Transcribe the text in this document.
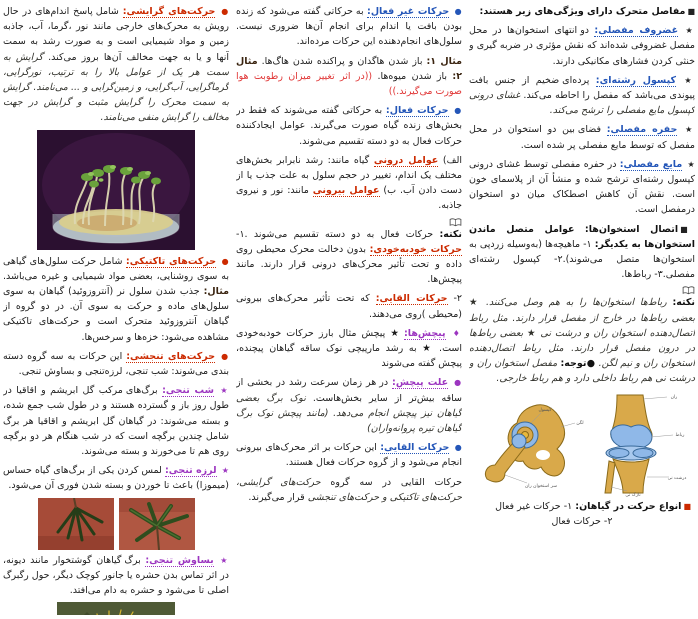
■مفاصل متحرک دارای ویژگی‌های زیر هستند:
★ غضروف مفصلی: دو انتهای استخوان‌ها در محل مفصل غضروفی شده‌اند که نقش مؤثری در ضربه گیری و خنثی کردن فشارهای مکانیکی دارند.
★ کپسول رشته‌ای: پرده‌ای ضخیم از جنس بافت پیوندی می‌باشد که مفصل را احاطه می‌کند. غشای درونی کپسول مایع مفصلی را ترشح می‌کند.
★ حفره مفصلی: فضای بین دو استخوان در محل مفصل که توسط مایع مفصلی پر شده است.
★ مایع مفصلی: در حفره مفصلی توسط غشای درونی کپسول رشته‌ای ترشح شده و منشأ آن از پلاسمای خون است. نقش آن کاهش اصطکاک میان دو استخوان درمفصل است.
■اتصال استخوان‌ها: عوامل متصل ماندن استخوان‌ها به یکدیگر: ۱- ماهیچه‌ها (به‌وسیله زردپی به استخوان‌ها متصل می‌شوند).۲- کپسول رشته‌ای مفصلی.۳- رباط‌ها.
نکته: رباط‌ها استخوان‌ها را به هم وصل می‌کنند. ★ بعضی رباط‌ها در خارج از مفصل قرار دارند. مثل رباط اتصال‌دهنده استخوان ران و درشت نی ★ بعضی رباط‌ها در درون مفصل قرار دارند. مثل رباط اتصال‌دهنده استخوان ران و نیم لگن. ●توجه: مفصل استخوان ران و درشت نی هم رباط داخلی دارد و هم رباط خارجی.
ران
رباط
درشت نی
نازک نی
لگن
کپسول
سر استخوان ران
■انواع حرکت در گیاهان: ۱- حرکات غیر فعال
۲- حرکات فعال
● حرکات غیر فعال: به حرکاتی گفته می‌شود که زنده بودن بافت یا اندام برای انجام آن‌ها ضروری نیست. سلول‌های انجام‌دهنده این حرکات مرده‌اند.
مثال ۱: باز شدن هاگدان و پراکنده شدن هاگ‌ها. مثال ۲: باز شدن میوه‌ها. ((در اثر تغییر میزان رطوبت هوا صورت می‌گیرند.))
● حرکات فعال: به حرکاتی گفته می‌شوند که فقط در بخش‌های زنده گیاه صورت می‌گیرند. عوامل ایجادکننده حرکات فعال به دو دسته تقسیم می‌شوند.
الف) عوامل درونی گیاه مانند: رشد نابرابر بخش‌های مختلف یک اندام، تغییر در حجم سلول به علت جذب یا از دست دادن آب. ب) عوامل بیرونی مانند: نور و نیروی جاذبه.
نکته: حرکات فعال به دو دسته تقسیم می‌شوند .۱- حرکات خودبه‌خودی: بدون دخالت محرک محیطی روی داده و تحت تأثیر محرک‌های درونی قرار دارند. مانند پیچش‌ها.
۲- حرکات القایی: که تحت تأثیر محرک‌های بیرونی (محیطی )روی می‌دهند.
♦ پیچش‌ها: ★ پیچش مثال بارز حرکات خودبه‌خودی است. ★ به رشد مارپیچی نوک ساقه گیاهان پیچنده، پیچش گفته می‌شوند
● علت پیچش: در هر زمان سرعت رشد در بخشی از ساقه بیش‌تر از سایر بخش‌هاست. نوک برگ بعضی گیاهان نیز پیچش انجام می‌دهد. (مانند پیچش نوک برگ گیاهان تیره پروانه‌واران)
● حرکات القایی: این حرکات بر اثر محرک‌های بیرونی انجام می‌شود و از گروه حرکات فعال هستند.
حرکات القایی در سه گروه حرکت‌های گرایشی، حرکت‌های تاکتیکی و حرکت‌های تنجشی قرار می‌گیرند.
● حرکت‌های گرایشی: شامل پاسخ اندام‌های در حال رویش به محرک‌های خارجی مانند نور ،گرما، آب، جاذبه زمین و مواد شیمیایی است و به صورت رشد به سمت آنها و یا به جهت مخالف آن‌ها بروز می‌کند. گرایش به سمت هر یک از عوامل بالا را به ترتیب، نورگرایی، گرماگرایی، آب‌گرایی، و زمین‌گرایی و ... می‌نامند. گرایش به سمت محرک را گرایش مثبت و گرایش در جهت مخالف را گرایش منفی می‌نامند.
● حرکت‌های تاکتیکی: شامل حرکت سلول‌های گیاهی به سوی روشنایی، بعضی مواد شیمیایی و غیره می‌باشد. مثال: جذب شدن سلول نر (آنتروزوئید) گیاهان به سوی سلول‌های ماده و حرکت به سوی آن. در دو گروه از گیاهان آنتروزوئید متحرک است و حرکت‌های تاکتیکی مشاهده می‌شود: خزه‌ها و سرخس‌ها.
● حرکت‌های تنجشی: این حرکات به سه گروه دسته بندی می‌شوند: شب تنجی، لرزه‌تنجی و بساوش تنجی.
★ شب تنجی: برگ‌های مرکب گل ابریشم و اقاقیا در طول روز باز و گسترده هستند و در طول شب جمع شده، و بسته می‌شوند: در گیاهان گل ابریشم و اقاقیا هر برگ شامل چندین برگچه است که در شب هنگام هر دو برگچه روی هم تا می‌خورند و بسته می‌شوند.
★ لرزه تنجی: لمس کردن یکی از برگ‌های گیاه حساس (میموزا) باعث تا خوردن و بسته شدن فوری آن می‌شود.
★ بساوش تنجی: برگ گیاهان گوشتخوار مانند دیونه، در اثر تماس بدن حشره یا جانور کوچک دیگر، حول رگبرگ اصلی تا می‌شود و حشره به دام می‌افتد.
